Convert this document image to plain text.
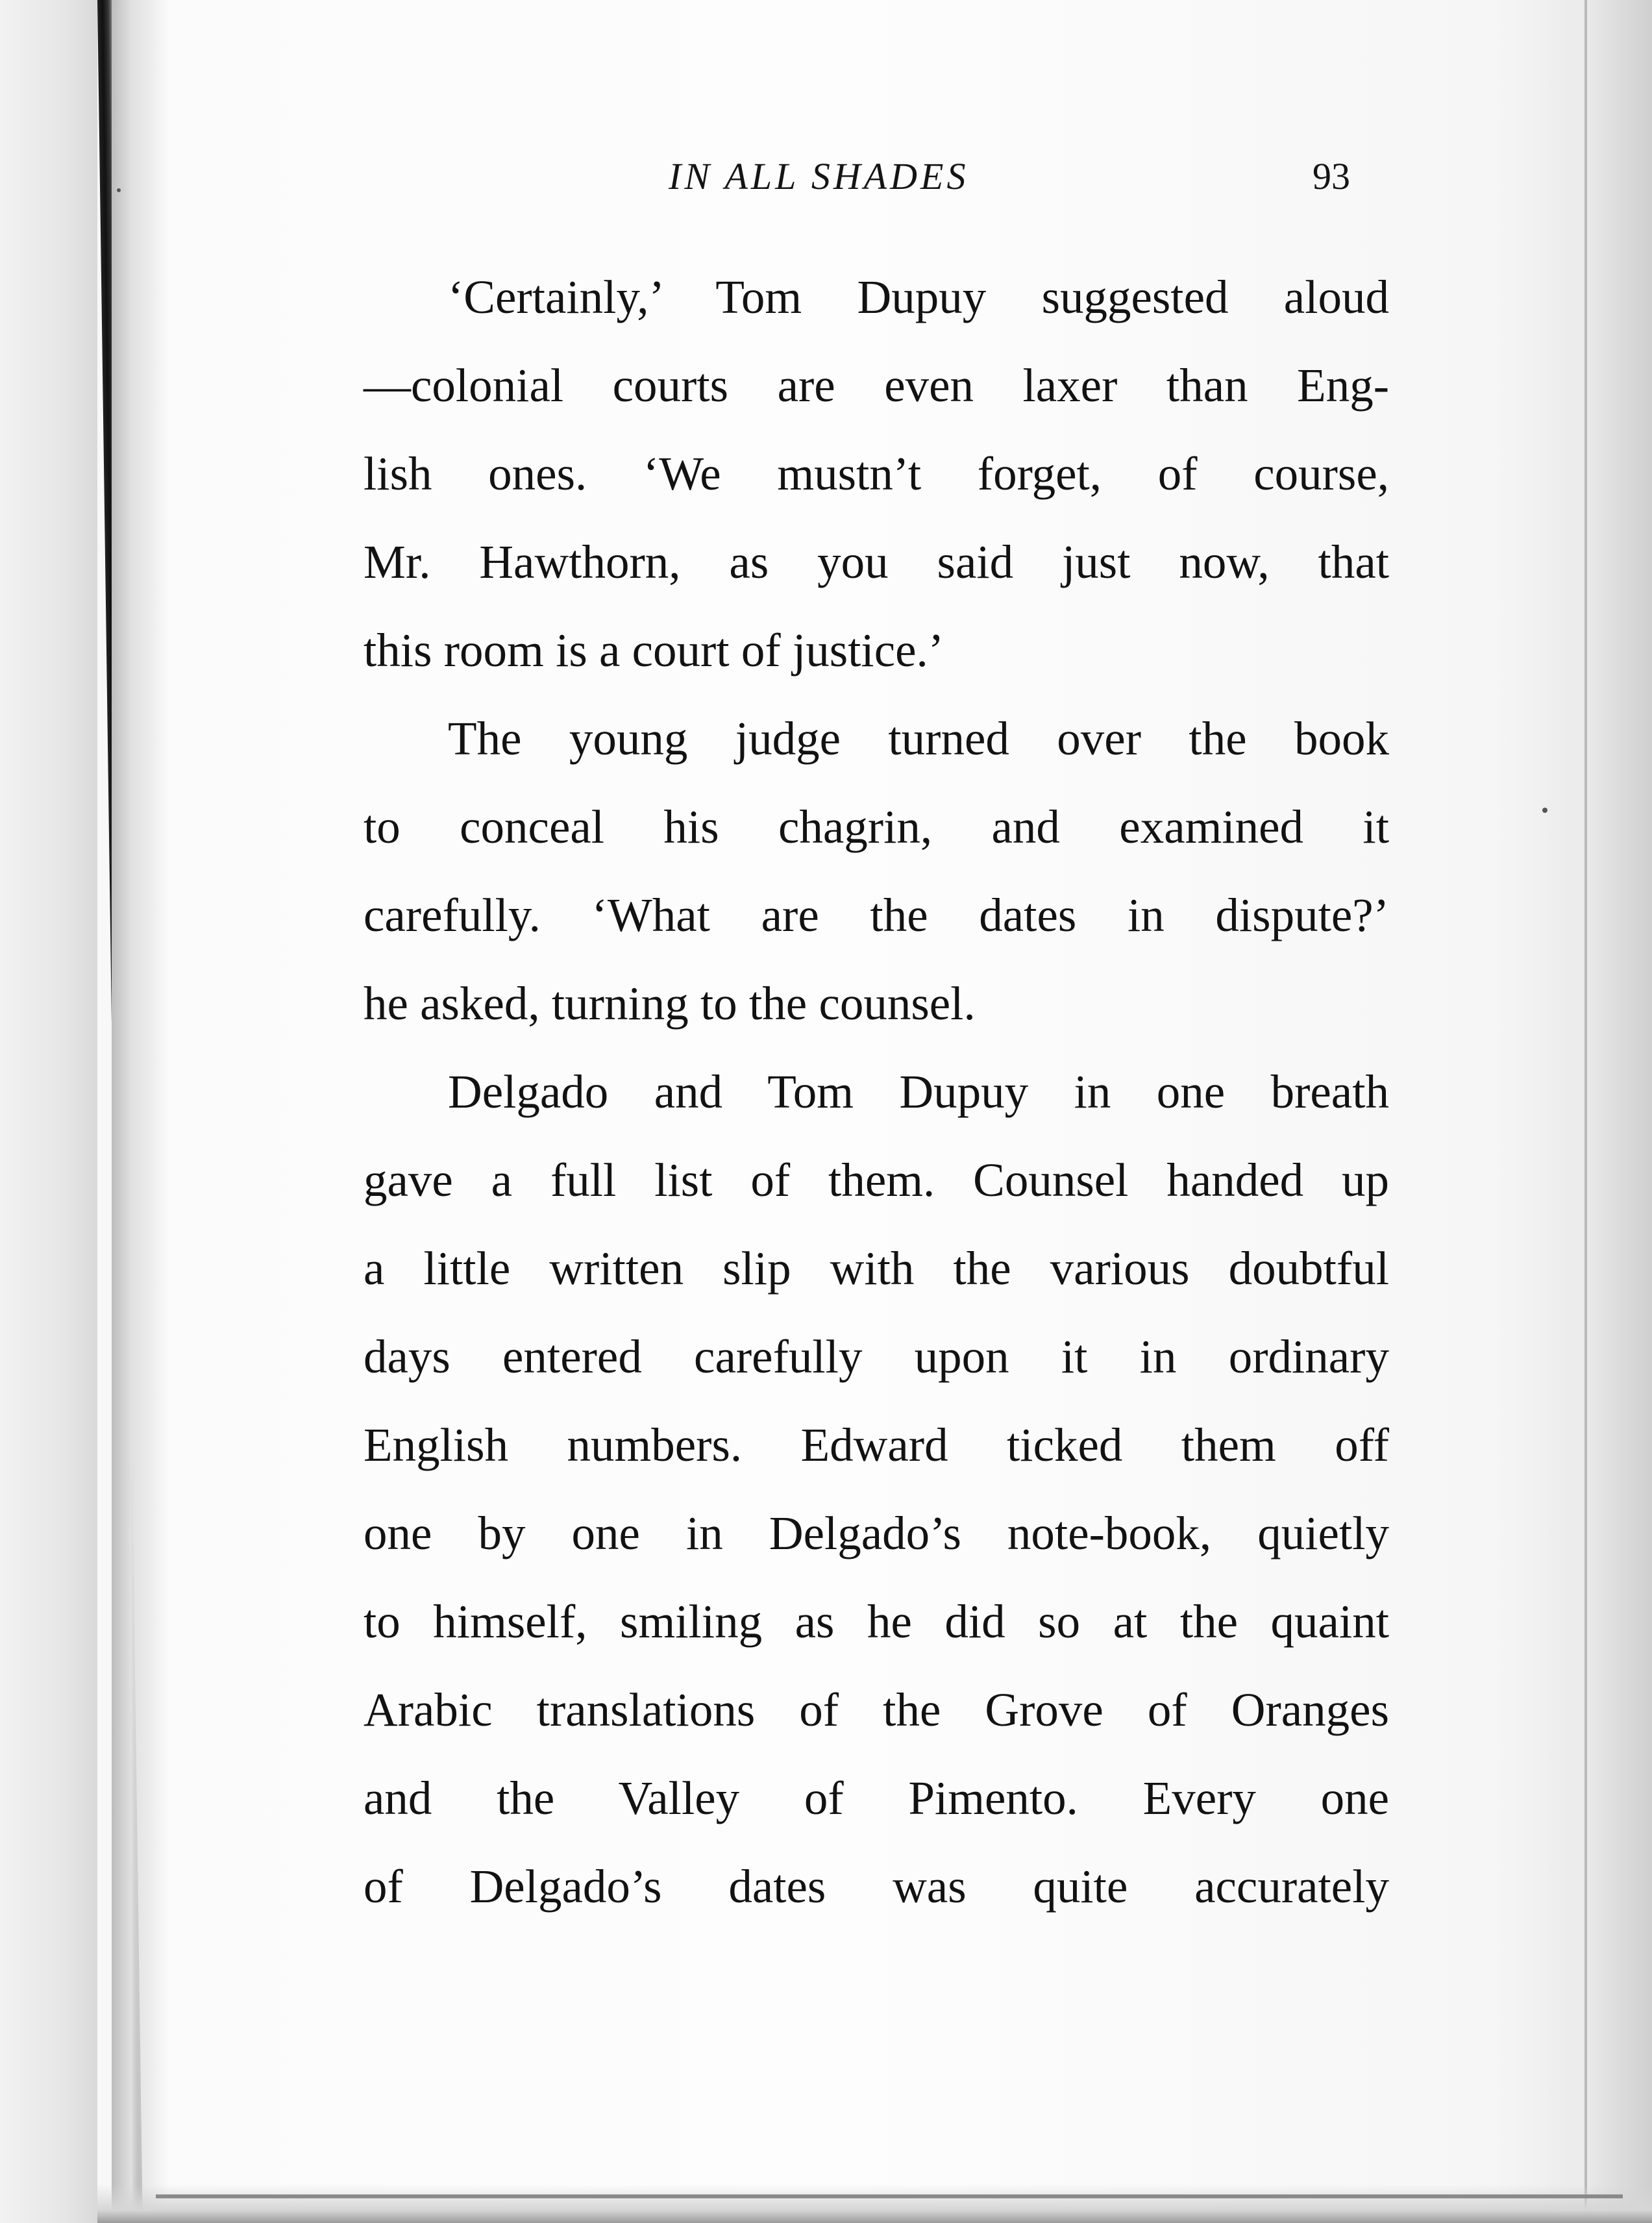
IN ALL SHADES	93
‘Certainly,’ Tom Dupuy suggested aloud
—colonial courts are even laxer than Eng-
lish ones. ‘We mustn’t forget, of course,
Mr. Hawthorn, as you said just now, that
this room is a court of justice.’
The young judge turned over the book
to conceal his chagrin, and examined it
carefully. ‘What are the dates in dispute?’
he asked, turning to the counsel.
Delgado and Tom Dupuy in one breath
gave a full list of them. Counsel handed up
a little written slip with the various doubtful
days entered carefully upon it in ordinary
English numbers. Edward ticked them off
one by one in Delgado’s note-book, quietly
to himself, smiling as he did so at the quaint
Arabic translations of the Grove of Oranges
and the Valley of Pimento. Every one
of Delgado’s dates was quite accurately
